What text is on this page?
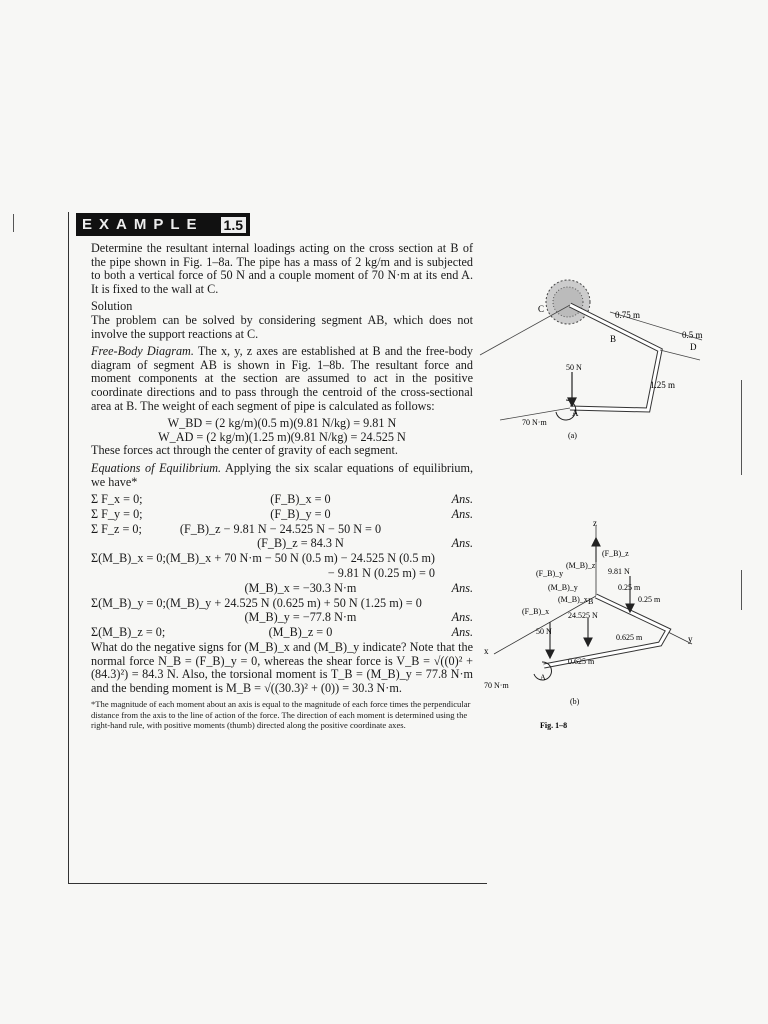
EXAMPLE	1.5

Determine the resultant internal loadings acting on the cross section at B of the pipe shown in Fig. 1–8a. The pipe has a mass of 2 kg/m and is subjected to both a vertical force of 50 N and a couple moment of 70 N·m at its end A. It is fixed to the wall at C.

Solution

The problem can be solved by considering segment AB, which does not involve the support reactions at C.

Free-Body Diagram. The x, y, z axes are established at B and the free-body diagram of segment AB is shown in Fig. 1–8b. The resultant force and moment components at the section are assumed to act in the positive coordinate directions and to pass through the centroid of the cross-sectional area at B. The weight of each segment of pipe is calculated as follows:

W_BD = (2 kg/m)(0.5 m)(9.81 N/kg) = 9.81 N

W_AD = (2 kg/m)(1.25 m)(9.81 N/kg) = 24.525 N

These forces act through the center of gravity of each segment.

Equations of Equilibrium. Applying the six scalar equations of equilibrium, we have*

Σ F_x = 0;	(F_B)_x = 0	Ans.
Σ F_y = 0;	(F_B)_y = 0	Ans.
Σ F_z = 0;	(F_B)_z − 9.81 N − 24.525 N − 50 N = 0	
	(F_B)_z = 84.3 N	Ans.
Σ(M_B)_x = 0;	(M_B)_x + 70 N·m − 50 N (0.5 m) − 24.525 N (0.5 m)	
	− 9.81 N (0.25 m) = 0	
	(M_B)_x = −30.3 N·m	Ans.
Σ(M_B)_y = 0;	(M_B)_y + 24.525 N (0.625 m) + 50 N (1.25 m) = 0	
	(M_B)_y = −77.8 N·m	Ans.
Σ(M_B)_z = 0;	(M_B)_z = 0	Ans.

What do the negative signs for (M_B)_x and (M_B)_y indicate? Note that the normal force N_B = (F_B)_y = 0, whereas the shear force is V_B = √((0)² + (84.3)²) = 84.3 N. Also, the torsional moment is T_B = (M_B)_y = 77.8 N·m and the bending moment is M_B = √((30.3)² + (0)) = 30.3 N·m.

*The magnitude of each moment about an axis is equal to the magnitude of each force times the perpendicular distance from the axis to the line of action of the force. The direction of each moment is determined using the right-hand rule, with positive moments (thumb) directed along the positive coordinate axes.

C
B
D
A
0.75 m
0.5 m
1.25 m
50 N
70 N·m
(a)
z
x
y
(F_B)_z
(M_B)_z
(F_B)_y
(M_B)_y
(M_B)_x
(F_B)_x
9.81 N
24.525 N
50 N
70 N·m
B
A
0.25 m
0.25 m
0.625 m
0.625 m
(b)
Fig. 1–8
